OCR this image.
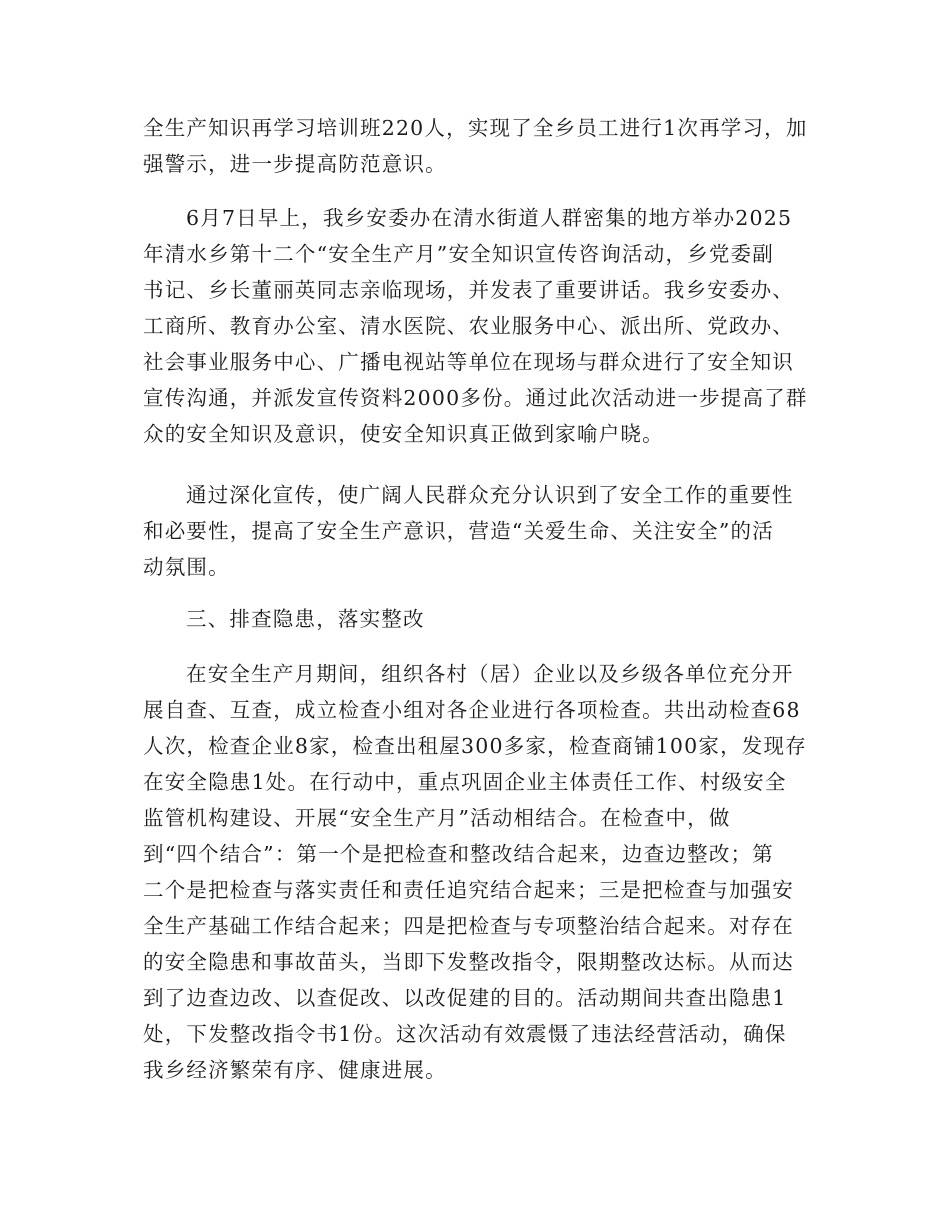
全生产知识再学习培训班220人，实现了全乡员工进行1次再学习，加
强警示，进一步提高防范意识。
6月7日早上，我乡安委办在清水街道人群密集的地方举办2025
年清水乡第十二个“安全生产月”安全知识宣传咨询活动，乡党委副
书记、乡长董丽英同志亲临现场，并发表了重要讲话。我乡安委办、
工商所、教育办公室、清水医院、农业服务中心、派出所、党政办、
社会事业服务中心、广播电视站等单位在现场与群众进行了安全知识
宣传沟通，并派发宣传资料2000多份。通过此次活动进一步提高了群
众的安全知识及意识，使安全知识真正做到家喻户晓。
通过深化宣传，使广阔人民群众充分认识到了安全工作的重要性
和必要性，提高了安全生产意识，营造“关爱生命、关注安全”的活
动氛围。
三、排查隐患，落实整改
在安全生产月期间，组织各村（居）企业以及乡级各单位充分开
展自查、互查，成立检查小组对各企业进行各项检查。共出动检查68
人次，检查企业8家，检查出租屋300多家，检查商铺100家，发现存
在安全隐患1处。在行动中，重点巩固企业主体责任工作、村级安全
监管机构建设、开展“安全生产月”活动相结合。在检查中，做
到“四个结合”：第一个是把检查和整改结合起来，边查边整改；第
二个是把检查与落实责任和责任追究结合起来；三是把检查与加强安
全生产基础工作结合起来；四是把检查与专项整治结合起来。对存在
的安全隐患和事故苗头，当即下发整改指令，限期整改达标。从而达
到了边查边改、以查促改、以改促建的目的。活动期间共查出隐患1
处，下发整改指令书1份。这次活动有效震慑了违法经营活动，确保
我乡经济繁荣有序、健康进展。
